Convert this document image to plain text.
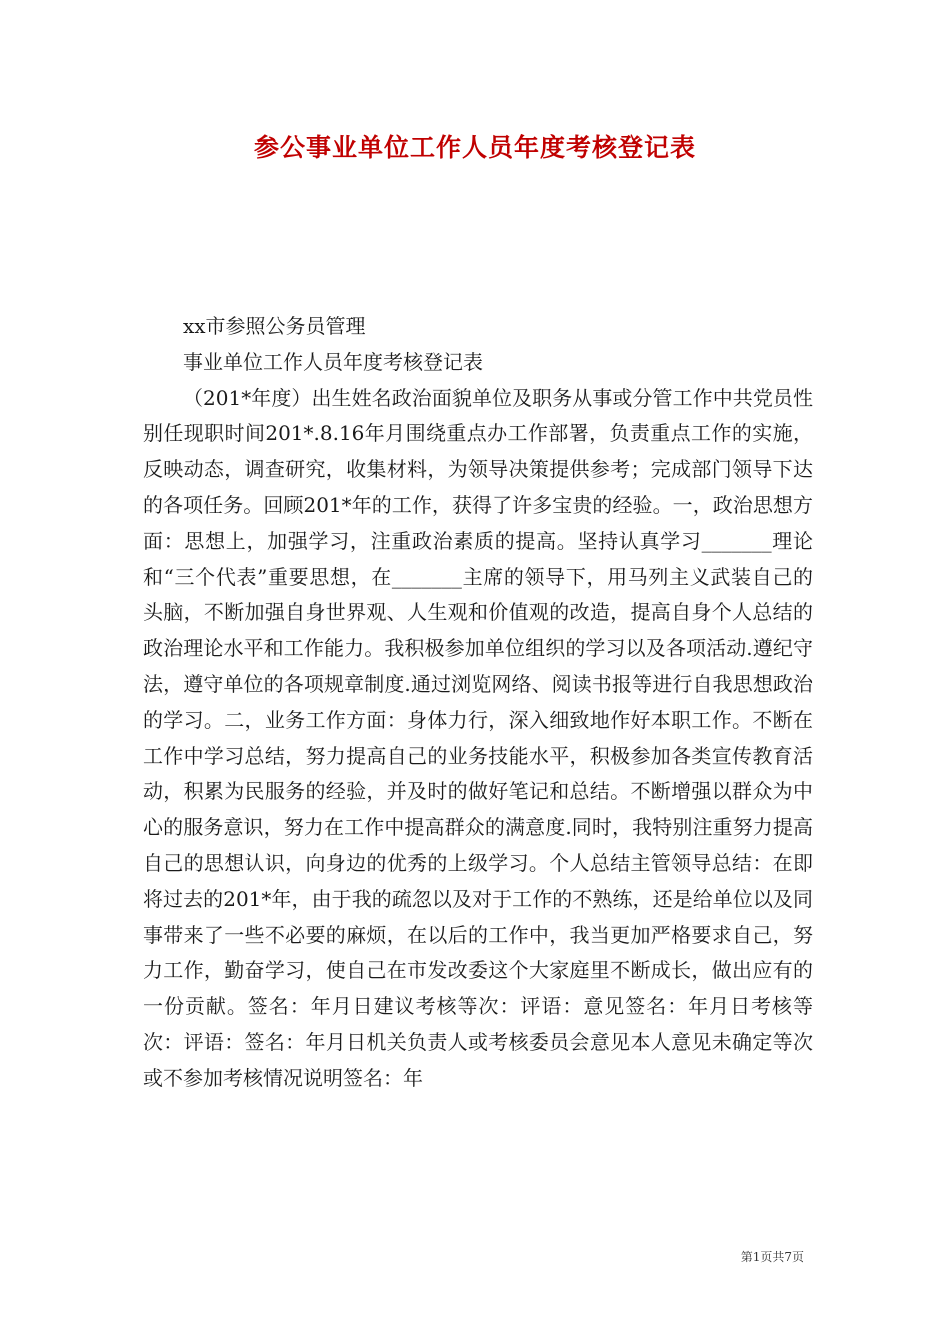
参公事业单位工作人员年度考核登记表

xx市参照公务员管理

事业单位工作人员年度考核登记表

（201*年度）出生姓名政治面貌单位及职务从事或分管工作中共党员性别任现职时间201*.8.16年月围绕重点办工作部署，负责重点工作的实施，反映动态，调查研究，收集材料，为领导决策提供参考；完成部门领导下达的各项任务。回顾201*年的工作，获得了许多宝贵的经验。一，政治思想方面：思想上，加强学习，注重政治素质的提高。坚持认真学习_______理论和“三个代表”重要思想，在_______主席的领导下，用马列主义武装自己的头脑，不断加强自身世界观、人生观和价值观的改造，提高自身个人总结的政治理论水平和工作能力。我积极参加单位组织的学习以及各项活动.遵纪守法，遵守单位的各项规章制度.通过浏览网络、阅读书报等进行自我思想政治的学习。二，业务工作方面：身体力行，深入细致地作好本职工作。不断在工作中学习总结，努力提高自己的业务技能水平，积极参加各类宣传教育活动，积累为民服务的经验，并及时的做好笔记和总结。不断增强以群众为中心的服务意识，努力在工作中提高群众的满意度.同时，我特别注重努力提高自己的思想认识，向身边的优秀的上级学习。个人总结主管领导总结：在即将过去的201*年，由于我的疏忽以及对于工作的不熟练，还是给单位以及同事带来了一些不必要的麻烦，在以后的工作中，我当更加严格要求自己，努力工作，勤奋学习，使自己在市发改委这个大家庭里不断成长，做出应有的一份贡献。签名：年月日建议考核等次：评语：意见签名：年月日考核等次：评语：签名：年月日机关负责人或考核委员会意见本人意见未确定等次或不参加考核情况说明签名：年

第1页共7页
